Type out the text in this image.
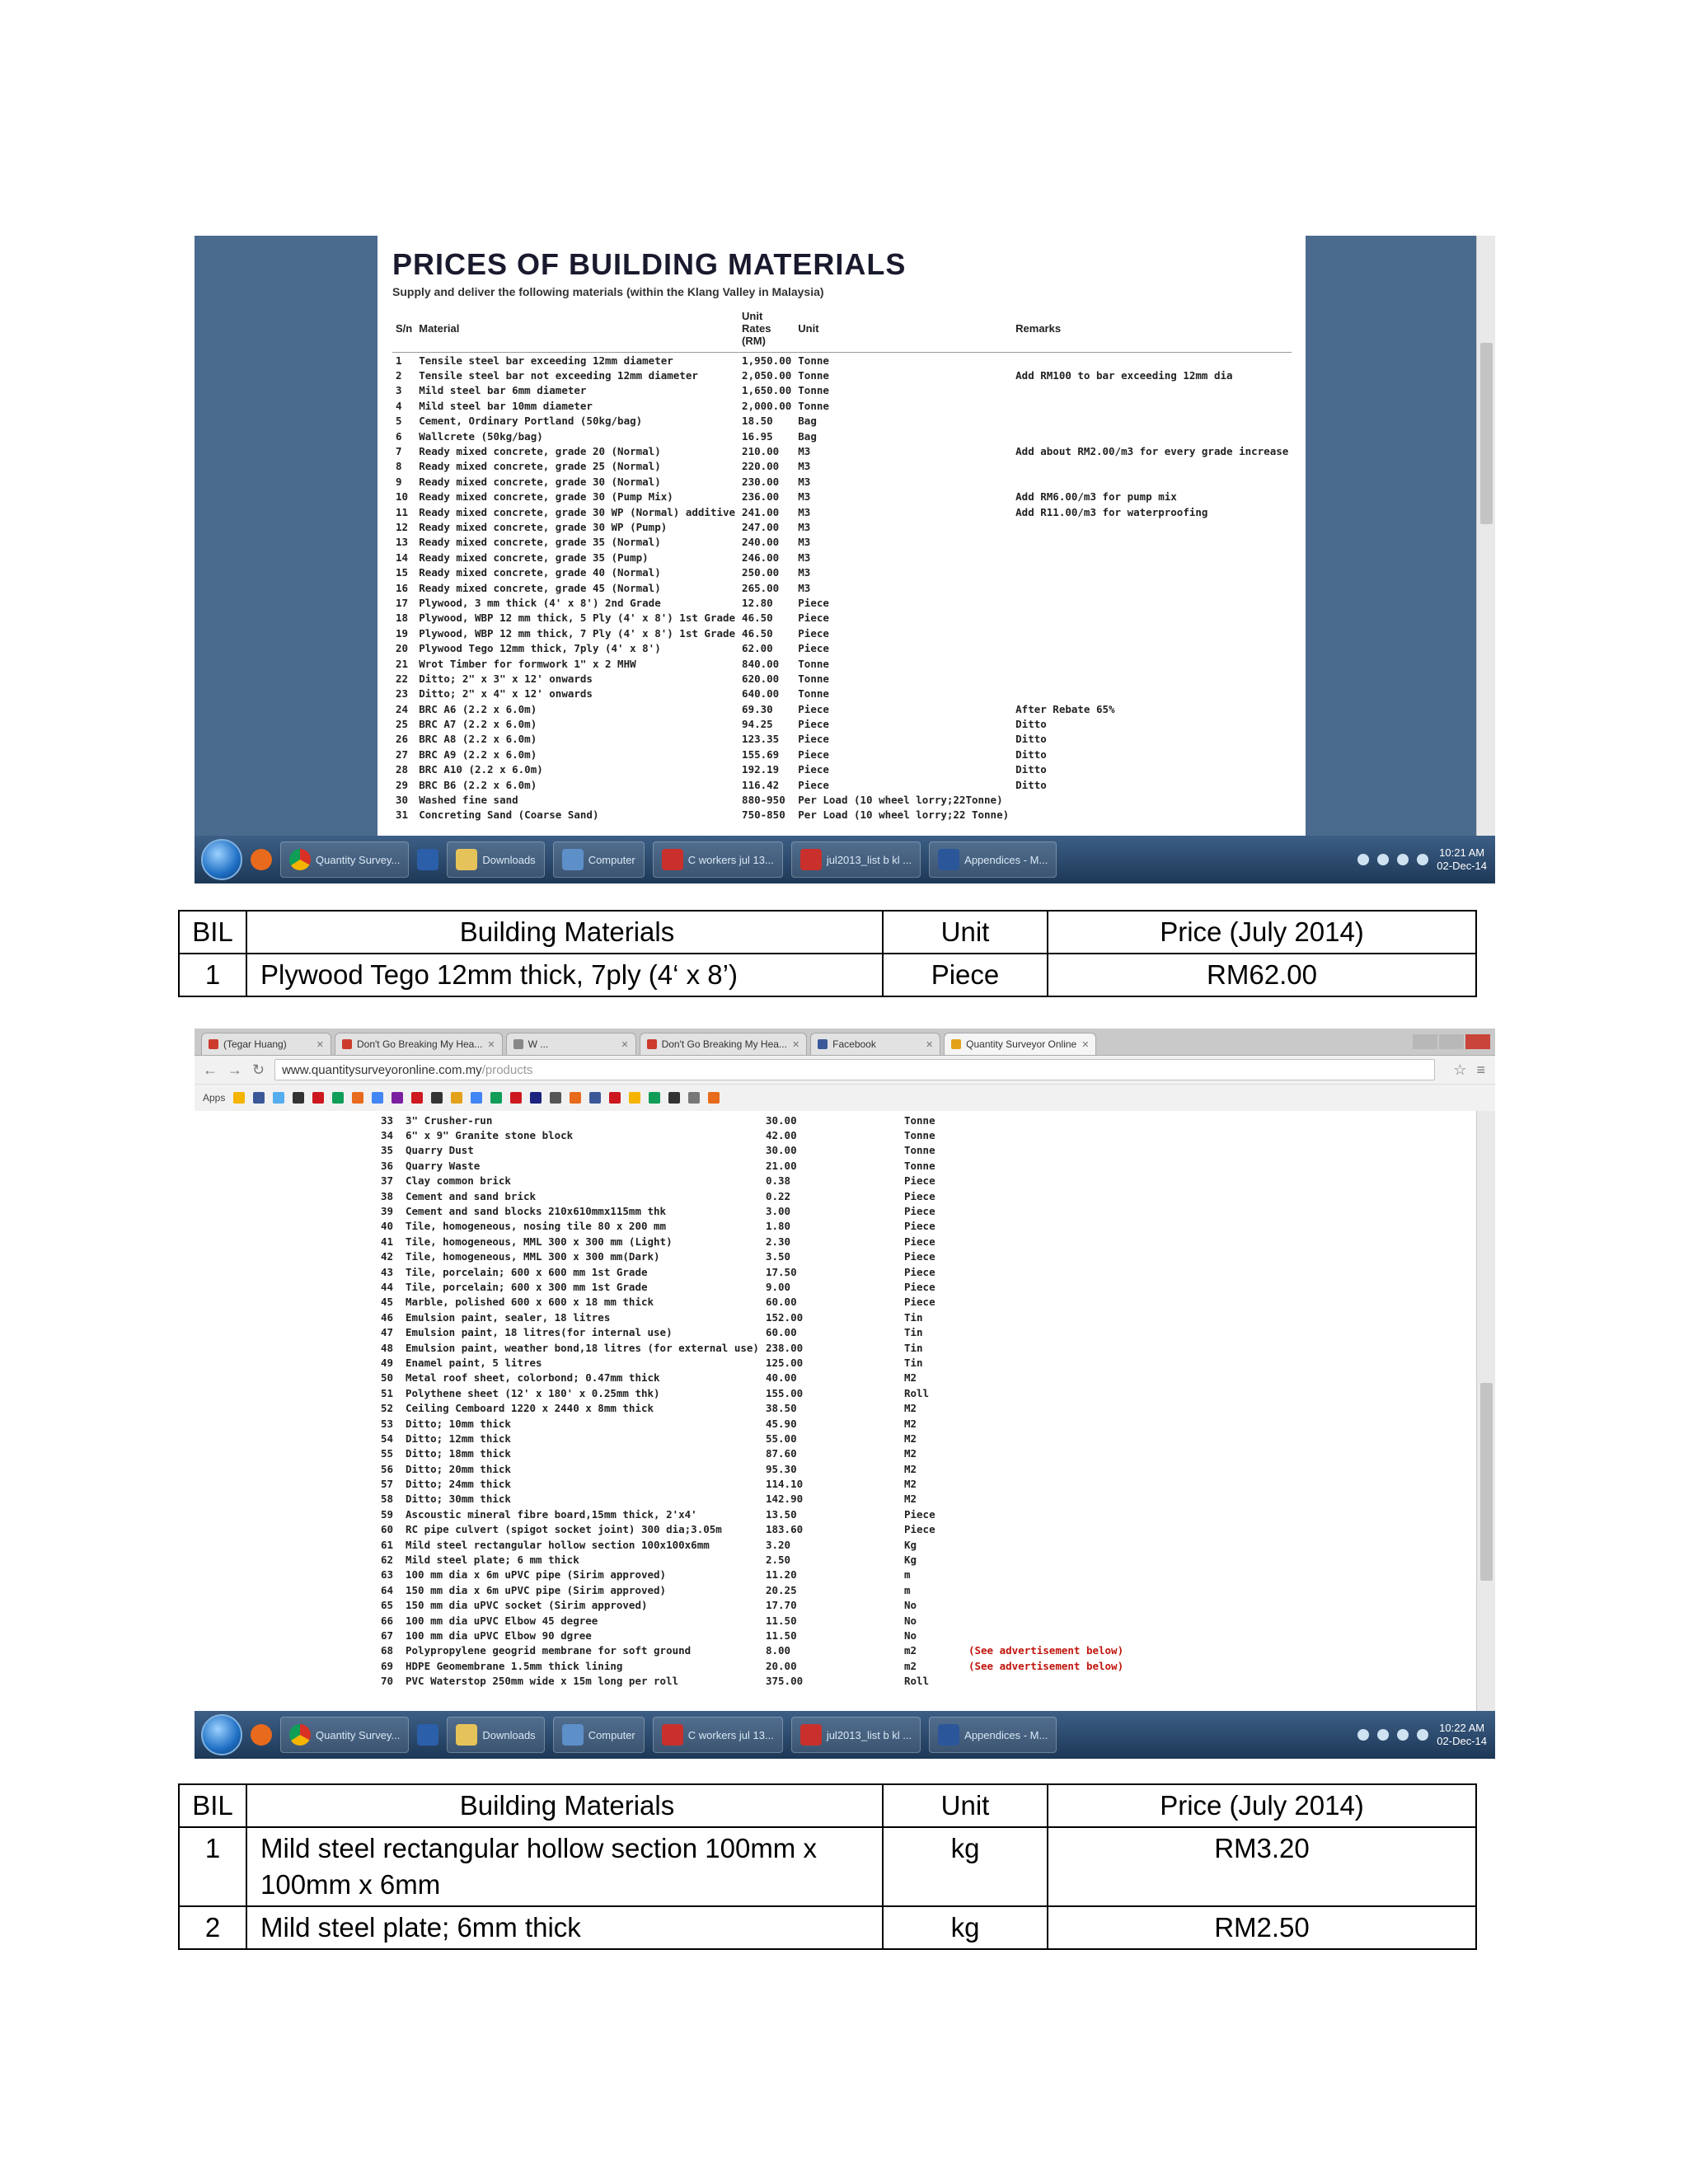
PRICES OF BUILDING MATERIALS
Supply and deliver the following materials (within the Klang Valley in Malaysia)
S/n	Material	Unit Rates (RM)	Unit	Remarks
1	Tensile steel bar exceeding 12mm diameter	1,950.00	Tonne	
2	Tensile steel bar not exceeding 12mm diameter	2,050.00	Tonne	Add RM100 to bar exceeding 12mm dia
3	Mild steel bar 6mm diameter	1,650.00	Tonne	
4	Mild steel bar 10mm diameter	2,000.00	Tonne	
5	Cement, Ordinary Portland (50kg/bag)	18.50	Bag	
6	Wallcrete (50kg/bag)	16.95	Bag	
7	Ready mixed concrete, grade 20 (Normal)	210.00	M3	Add about RM2.00/m3 for every grade increase
8	Ready mixed concrete, grade 25 (Normal)	220.00	M3	
9	Ready mixed concrete, grade 30 (Normal)	230.00	M3	
10	Ready mixed concrete, grade 30 (Pump Mix)	236.00	M3	Add RM6.00/m3 for pump mix
11	Ready mixed concrete, grade 30 WP (Normal) additive	241.00	M3	Add R11.00/m3 for waterproofing
12	Ready mixed concrete, grade 30 WP (Pump)	247.00	M3	
13	Ready mixed concrete, grade 35 (Normal)	240.00	M3	
14	Ready mixed concrete, grade 35 (Pump)	246.00	M3	
15	Ready mixed concrete, grade 40 (Normal)	250.00	M3	
16	Ready mixed concrete, grade 45 (Normal)	265.00	M3	
17	Plywood, 3 mm thick (4' x 8') 2nd Grade	12.80	Piece	
18	Plywood, WBP 12 mm thick, 5 Ply (4' x 8') 1st Grade	46.50	Piece	
19	Plywood, WBP 12 mm thick, 7 Ply (4' x 8') 1st Grade	46.50	Piece	
20	Plywood Tego 12mm thick, 7ply (4' x 8')	62.00	Piece	
21	Wrot Timber for formwork 1" x 2 MHW	840.00	Tonne	
22	Ditto; 2" x 3" x 12' onwards	620.00	Tonne	
23	Ditto; 2" x 4" x 12' onwards	640.00	Tonne	
24	BRC A6 (2.2 x 6.0m)	69.30	Piece	After Rebate 65%
25	BRC A7 (2.2 x 6.0m)	94.25	Piece	Ditto
26	BRC A8 (2.2 x 6.0m)	123.35	Piece	Ditto
27	BRC A9 (2.2 x 6.0m)	155.69	Piece	Ditto
28	BRC A10 (2.2 x 6.0m)	192.19	Piece	Ditto
29	BRC B6 (2.2 x 6.0m)	116.42	Piece	Ditto
30	Washed fine sand	880-950	Per Load (10 wheel lorry;22Tonne)	
31	Concreting Sand (Coarse Sand)	750-850	Per Load (10 wheel lorry;22 Tonne)	
Quantity Survey...	Downloads	Computer	C workers jul 13...	jul2013_list b kl ...	Appendices - M...
10:21 AM
02-Dec-14
BIL	Building Materials	Unit	Price (July 2014)
1	Plywood Tego 12mm thick, 7ply (4‘ x 8’)	Piece	RM62.00
(Tegar Huang)	✕	Don't Go Breaking My Hea... ✕	W ...	✕	Don't Go Breaking My Hea... ✕	Facebook	✕	Quantity Surveyor Online ✕
← → ↻ www.quantitysurveyoronline.com.my /products	☆ ≡
Apps
33	3" Crusher-run	30.00	Tonne	
34	6" x 9" Granite stone block	42.00	Tonne	
35	Quarry Dust	30.00	Tonne	
36	Quarry Waste	21.00	Tonne	
37	Clay common brick	0.38	Piece	
38	Cement and sand brick	0.22	Piece	
39	Cement and sand blocks 210x610mmx115mm thk	3.00	Piece	
40	Tile, homogeneous, nosing tile 80 x 200 mm	1.80	Piece	
41	Tile, homogeneous, MML 300 x 300 mm (Light)	2.30	Piece	
42	Tile, homogeneous, MML 300 x 300 mm(Dark)	3.50	Piece	
43	Tile, porcelain; 600 x 600 mm 1st Grade	17.50	Piece	
44	Tile, porcelain; 600 x 300 mm 1st Grade	9.00	Piece	
45	Marble, polished 600 x 600 x 18 mm thick	60.00	Piece	
46	Emulsion paint, sealer, 18 litres	152.00	Tin	
47	Emulsion paint, 18 litres(for internal use)	60.00	Tin	
48	Emulsion paint, weather bond,18 litres (for external use)	238.00	Tin	
49	Enamel paint, 5 litres	125.00	Tin	
50	Metal roof sheet, colorbond; 0.47mm thick	40.00	M2	
51	Polythene sheet (12' x 180' x 0.25mm thk)	155.00	Roll	
52	Ceiling Cemboard 1220 x 2440 x 8mm thick	38.50	M2	
53	Ditto; 10mm thick	45.90	M2	
54	Ditto; 12mm thick	55.00	M2	
55	Ditto; 18mm thick	87.60	M2	
56	Ditto; 20mm thick	95.30	M2	
57	Ditto; 24mm thick	114.10	M2	
58	Ditto; 30mm thick	142.90	M2	
59	Ascoustic mineral fibre board,15mm thick, 2'x4'	13.50	Piece	
60	RC pipe culvert (spigot socket joint) 300 dia;3.05m	183.60	Piece	
61	Mild steel rectangular hollow section 100x100x6mm	3.20	Kg	
62	Mild steel plate; 6 mm thick	2.50	Kg	
63	100 mm dia x 6m uPVC pipe (Sirim approved)	11.20	m	
64	150 mm dia x 6m uPVC pipe (Sirim approved)	20.25	m	
65	150 mm dia uPVC socket (Sirim approved)	17.70	No	
66	100 mm dia uPVC Elbow 45 degree	11.50	No	
67	100 mm dia uPVC Elbow 90 dgree	11.50	No	
68	Polypropylene geogrid membrane for soft ground	8.00	m2	(See advertisement below)
69	HDPE Geomembrane 1.5mm thick lining	20.00	m2	(See advertisement below)
70	PVC Waterstop 250mm wide x 15m long per roll	375.00	Roll	
Quantity Survey...	Downloads	Computer	C workers jul 13...	jul2013_list b kl ...	Appendices - M...
10:22 AM
02-Dec-14
BIL	Building Materials	Unit	Price (July 2014)
1	Mild steel rectangular hollow section 100mm x 100mm x 6mm	kg	RM3.20
2	Mild steel plate; 6mm thick	kg	RM2.50
